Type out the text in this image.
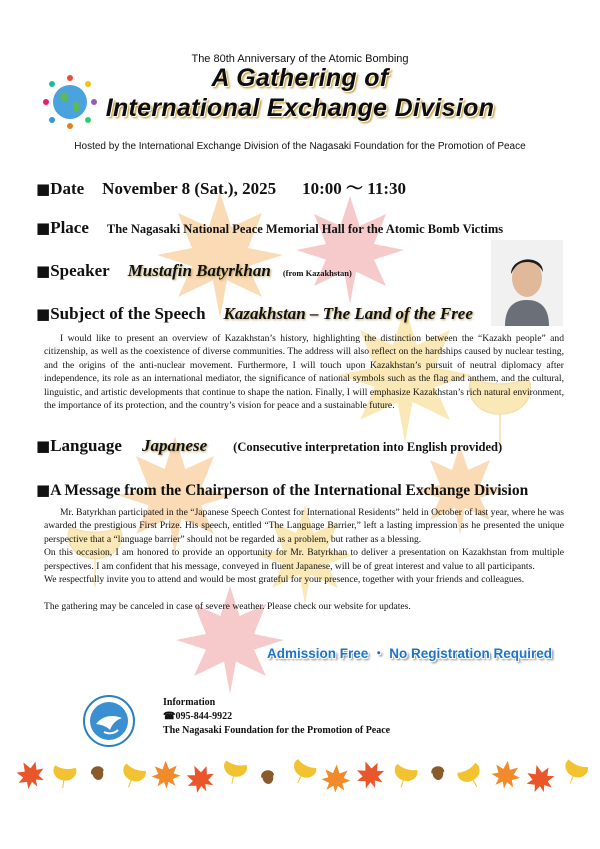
The 80th Anniversary of the Atomic Bombing
A Gathering of
International Exchange Division
Hosted by the International Exchange Division of the Nagasaki Foundation for the Promotion of Peace
■Date November 8 (Sat.), 2025 10:00 〜 11:30
■Place The Nagasaki National Peace Memorial Hall for the Atomic Bomb Victims
■Speaker Mustafin Batyrkhan (from Kazakhstan)
■Subject of the Speech Kazakhstan – The Land of the Free

I would like to present an overview of Kazakhstan’s history, highlighting the distinction between the “Kazakh people” and citizenship, as well as the coexistence of diverse communities. The address will also reflect on the hardships caused by nuclear testing, and the origins of the anti-nuclear movement. Furthermore, I will touch upon Kazakhstan’s pursuit of neutral diplomacy after independence, its role as an international mediator, the significance of national symbols such as the flag and anthem, and the cultural, linguistic, and artistic developments that continue to shape the nation. Finally, I will emphasize Kazakhstan’s rich natural environment, the importance of its protection, and the country’s vision for peace and a sustainable future.

■Language Japanese (Consecutive interpretation into English provided)
■A Message from the Chairperson of the International Exchange Division

Mr. Batyrkhan participated in the “Japanese Speech Contest for International Residents” held in October of last year, where he was awarded the prestigious First Prize. His speech, entitled “The Language Barrier,” left a lasting impression as he presented the unique perspective that a “language barrier” should not be regarded as a problem, but rather as a blessing.

On this occasion, I am honored to provide an opportunity for Mr. Batyrkhan to deliver a presentation on Kazakhstan from multiple perspectives. I am confident that his message, conveyed in fluent Japanese, will be of great interest and value to all participants.

We respectfully invite you to attend and would be most grateful for your presence, together with your friends and colleagues.

The gathering may be canceled in case of severe weather. Please check our website for updates.

Admission Free ・ No Registration Required
Information
☎095-844-9922
The Nagasaki Foundation for the Promotion of Peace
